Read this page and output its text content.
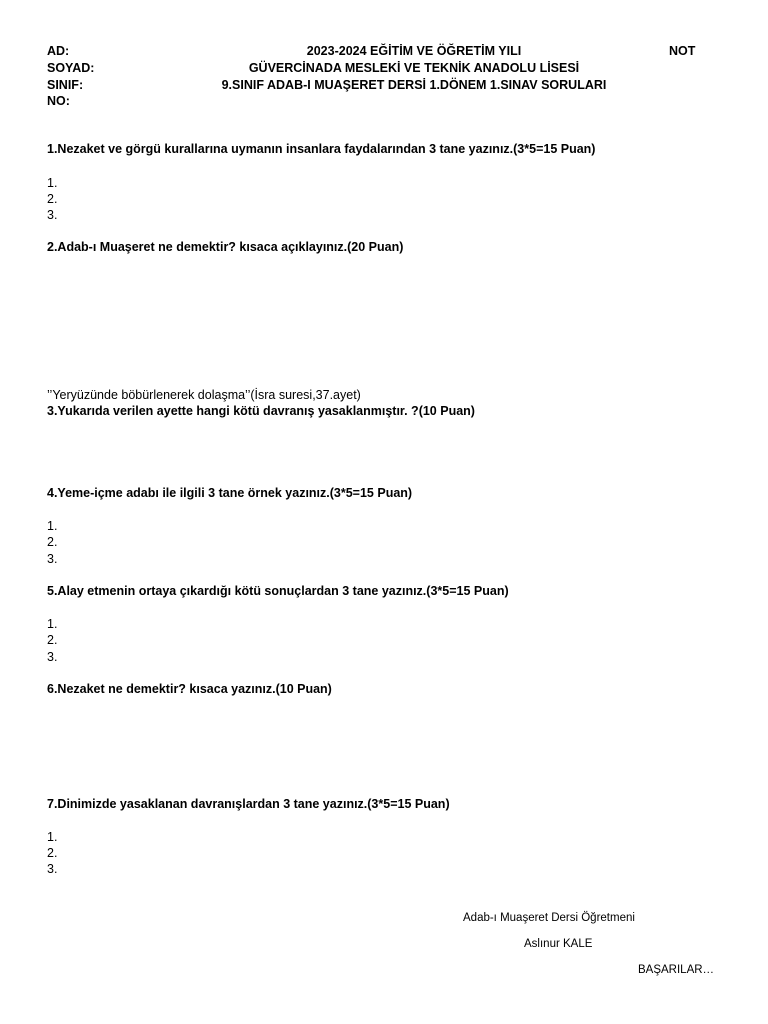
AD:
SOYAD:
SINIF:
NO:
2023-2024 EĞİTİM VE ÖĞRETİM YILI
GÜVERCİNADA MESLEKİ VE TEKNİK ANADOLU LİSESİ
9.SINIF ADAB-I MUAŞERET DERSİ 1.DÖNEM 1.SINAV SORULARI
NOT
1.Nezaket ve görgü kurallarına uymanın insanlara faydalarından 3 tane yazınız.(3*5=15 Puan)
1.
2.
3.
2.Adab-ı Muaşeret ne demektir? kısaca açıklayınız.(20 Puan)
’’Yeryüzünde böbürlenerek dolaşma’’(İsra suresi,37.ayet)
3.Yukarıda verilen ayette hangi kötü davranış yasaklanmıştır. ?(10 Puan)
4.Yeme-içme adabı ile ilgili 3 tane örnek yazınız.(3*5=15 Puan)
1.
2.
3.
5.Alay etmenin ortaya çıkardığı kötü sonuçlardan 3 tane yazınız.(3*5=15 Puan)
1.
2.
3.
6.Nezaket ne demektir? kısaca yazınız.(10 Puan)
7.Dinimizde yasaklanan davranışlardan 3 tane yazınız.(3*5=15 Puan)
1.
2.
3.
Adab-ı Muaşeret Dersi Öğretmeni
Aslınur KALE
BAŞARILAR…
